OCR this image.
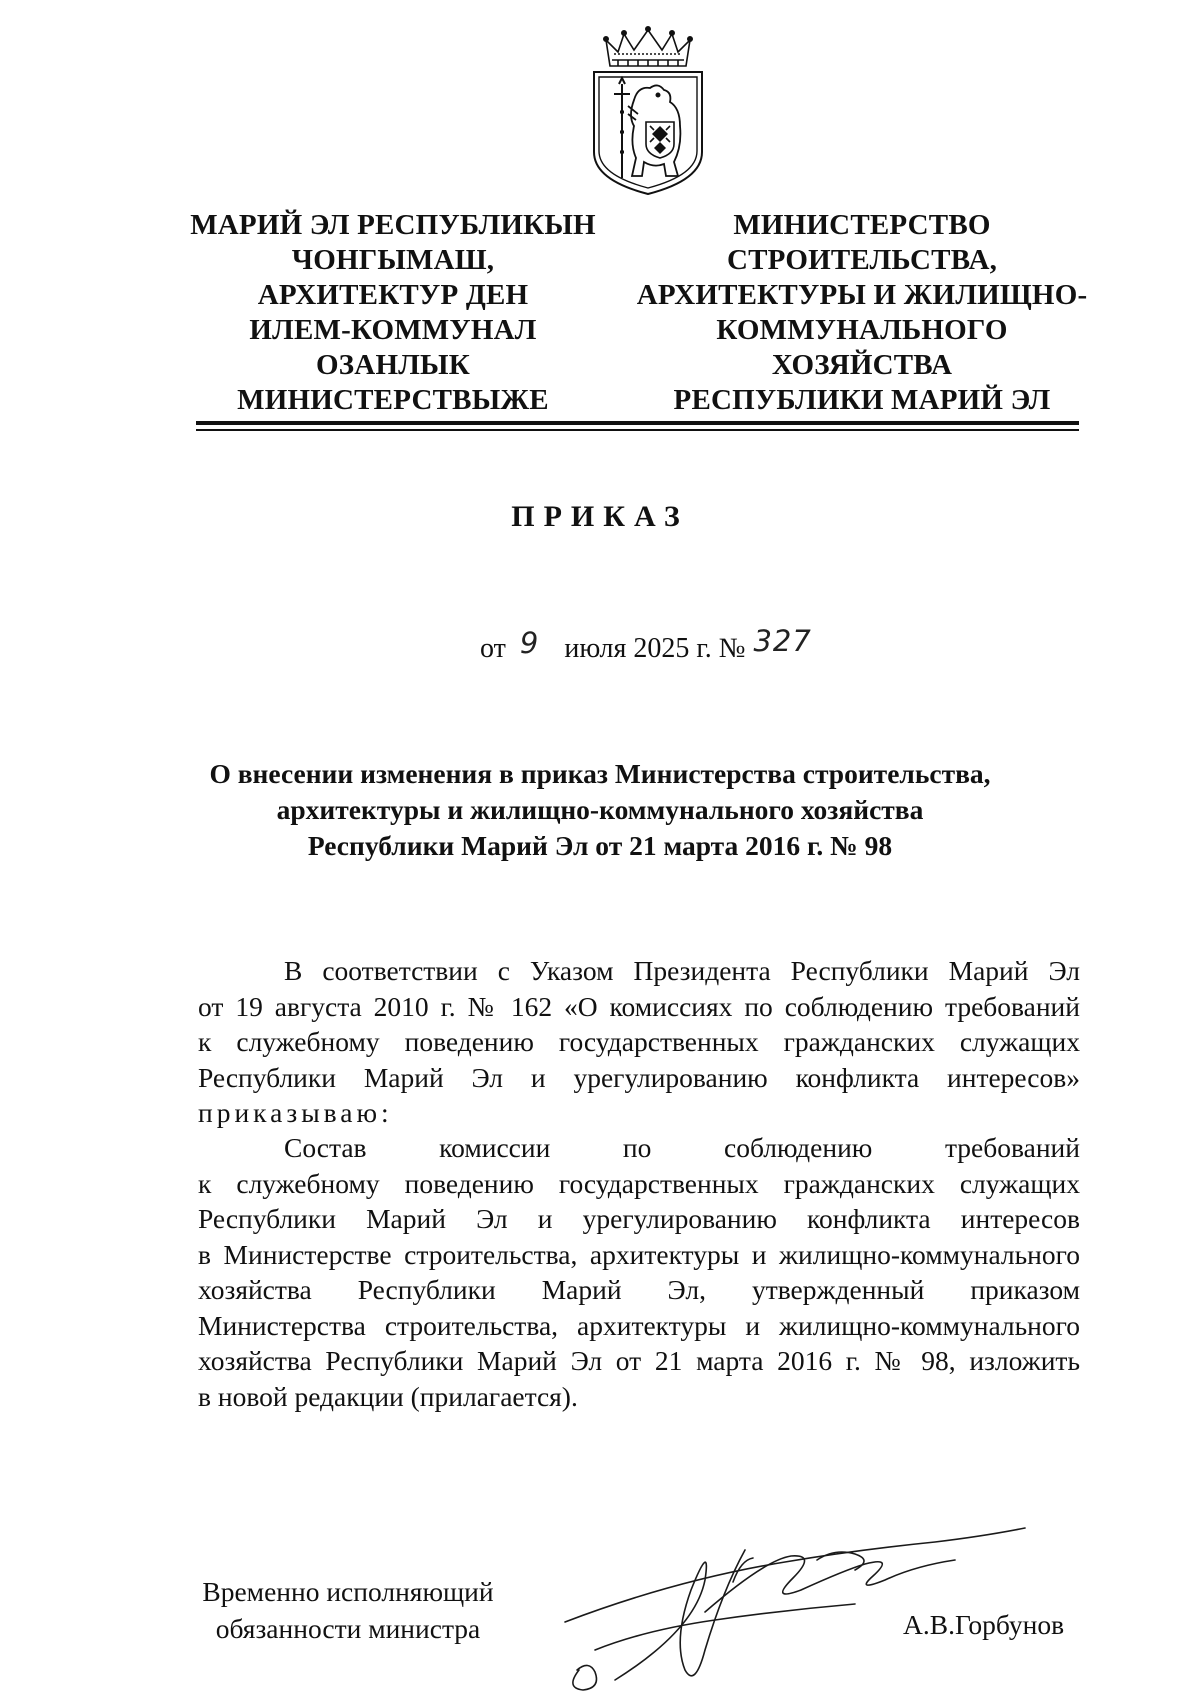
МАРИЙ ЭЛ РЕСПУБЛИКЫН
ЧОНГЫМАШ,
АРХИТЕКТУР ДЕН
ИЛЕМ-КОММУНАЛ
ОЗАНЛЫК
МИНИСТЕРСТВЫЖЕ
МИНИСТЕРСТВО
СТРОИТЕЛЬСТВА,
АРХИТЕКТУРЫ И ЖИЛИЩНО-
КОММУНАЛЬНОГО
ХОЗЯЙСТВА
РЕСПУБЛИКИ МАРИЙ ЭЛ
ПРИКАЗ
от 9 июля 2025 г. № 327
О внесении изменения в приказ Министерства строительства,
архитектуры и жилищно-коммунального хозяйства
Республики Марий Эл от 21 марта 2016 г. № 98
В соответствии с Указом Президента Республики Марий Эл
от 19 августа 2010 г. № 162 «О комиссиях по соблюдению требований
к служебному поведению государственных гражданских служащих
Республики Марий Эл и урегулированию конфликта интересов»
приказываю:
Состав комиссии по соблюдению требований
к служебному поведению государственных гражданских служащих
Республики Марий Эл и урегулированию конфликта интересов
в Министерстве строительства, архитектуры и жилищно-коммунального
хозяйства Республики Марий Эл, утвержденный приказом
Министерства строительства, архитектуры и жилищно-коммунального
хозяйства Республики Марий Эл от 21 марта 2016 г. № 98, изложить
в новой редакции (прилагается).
Временно исполняющий
обязанности министра	А.В.Горбунов
